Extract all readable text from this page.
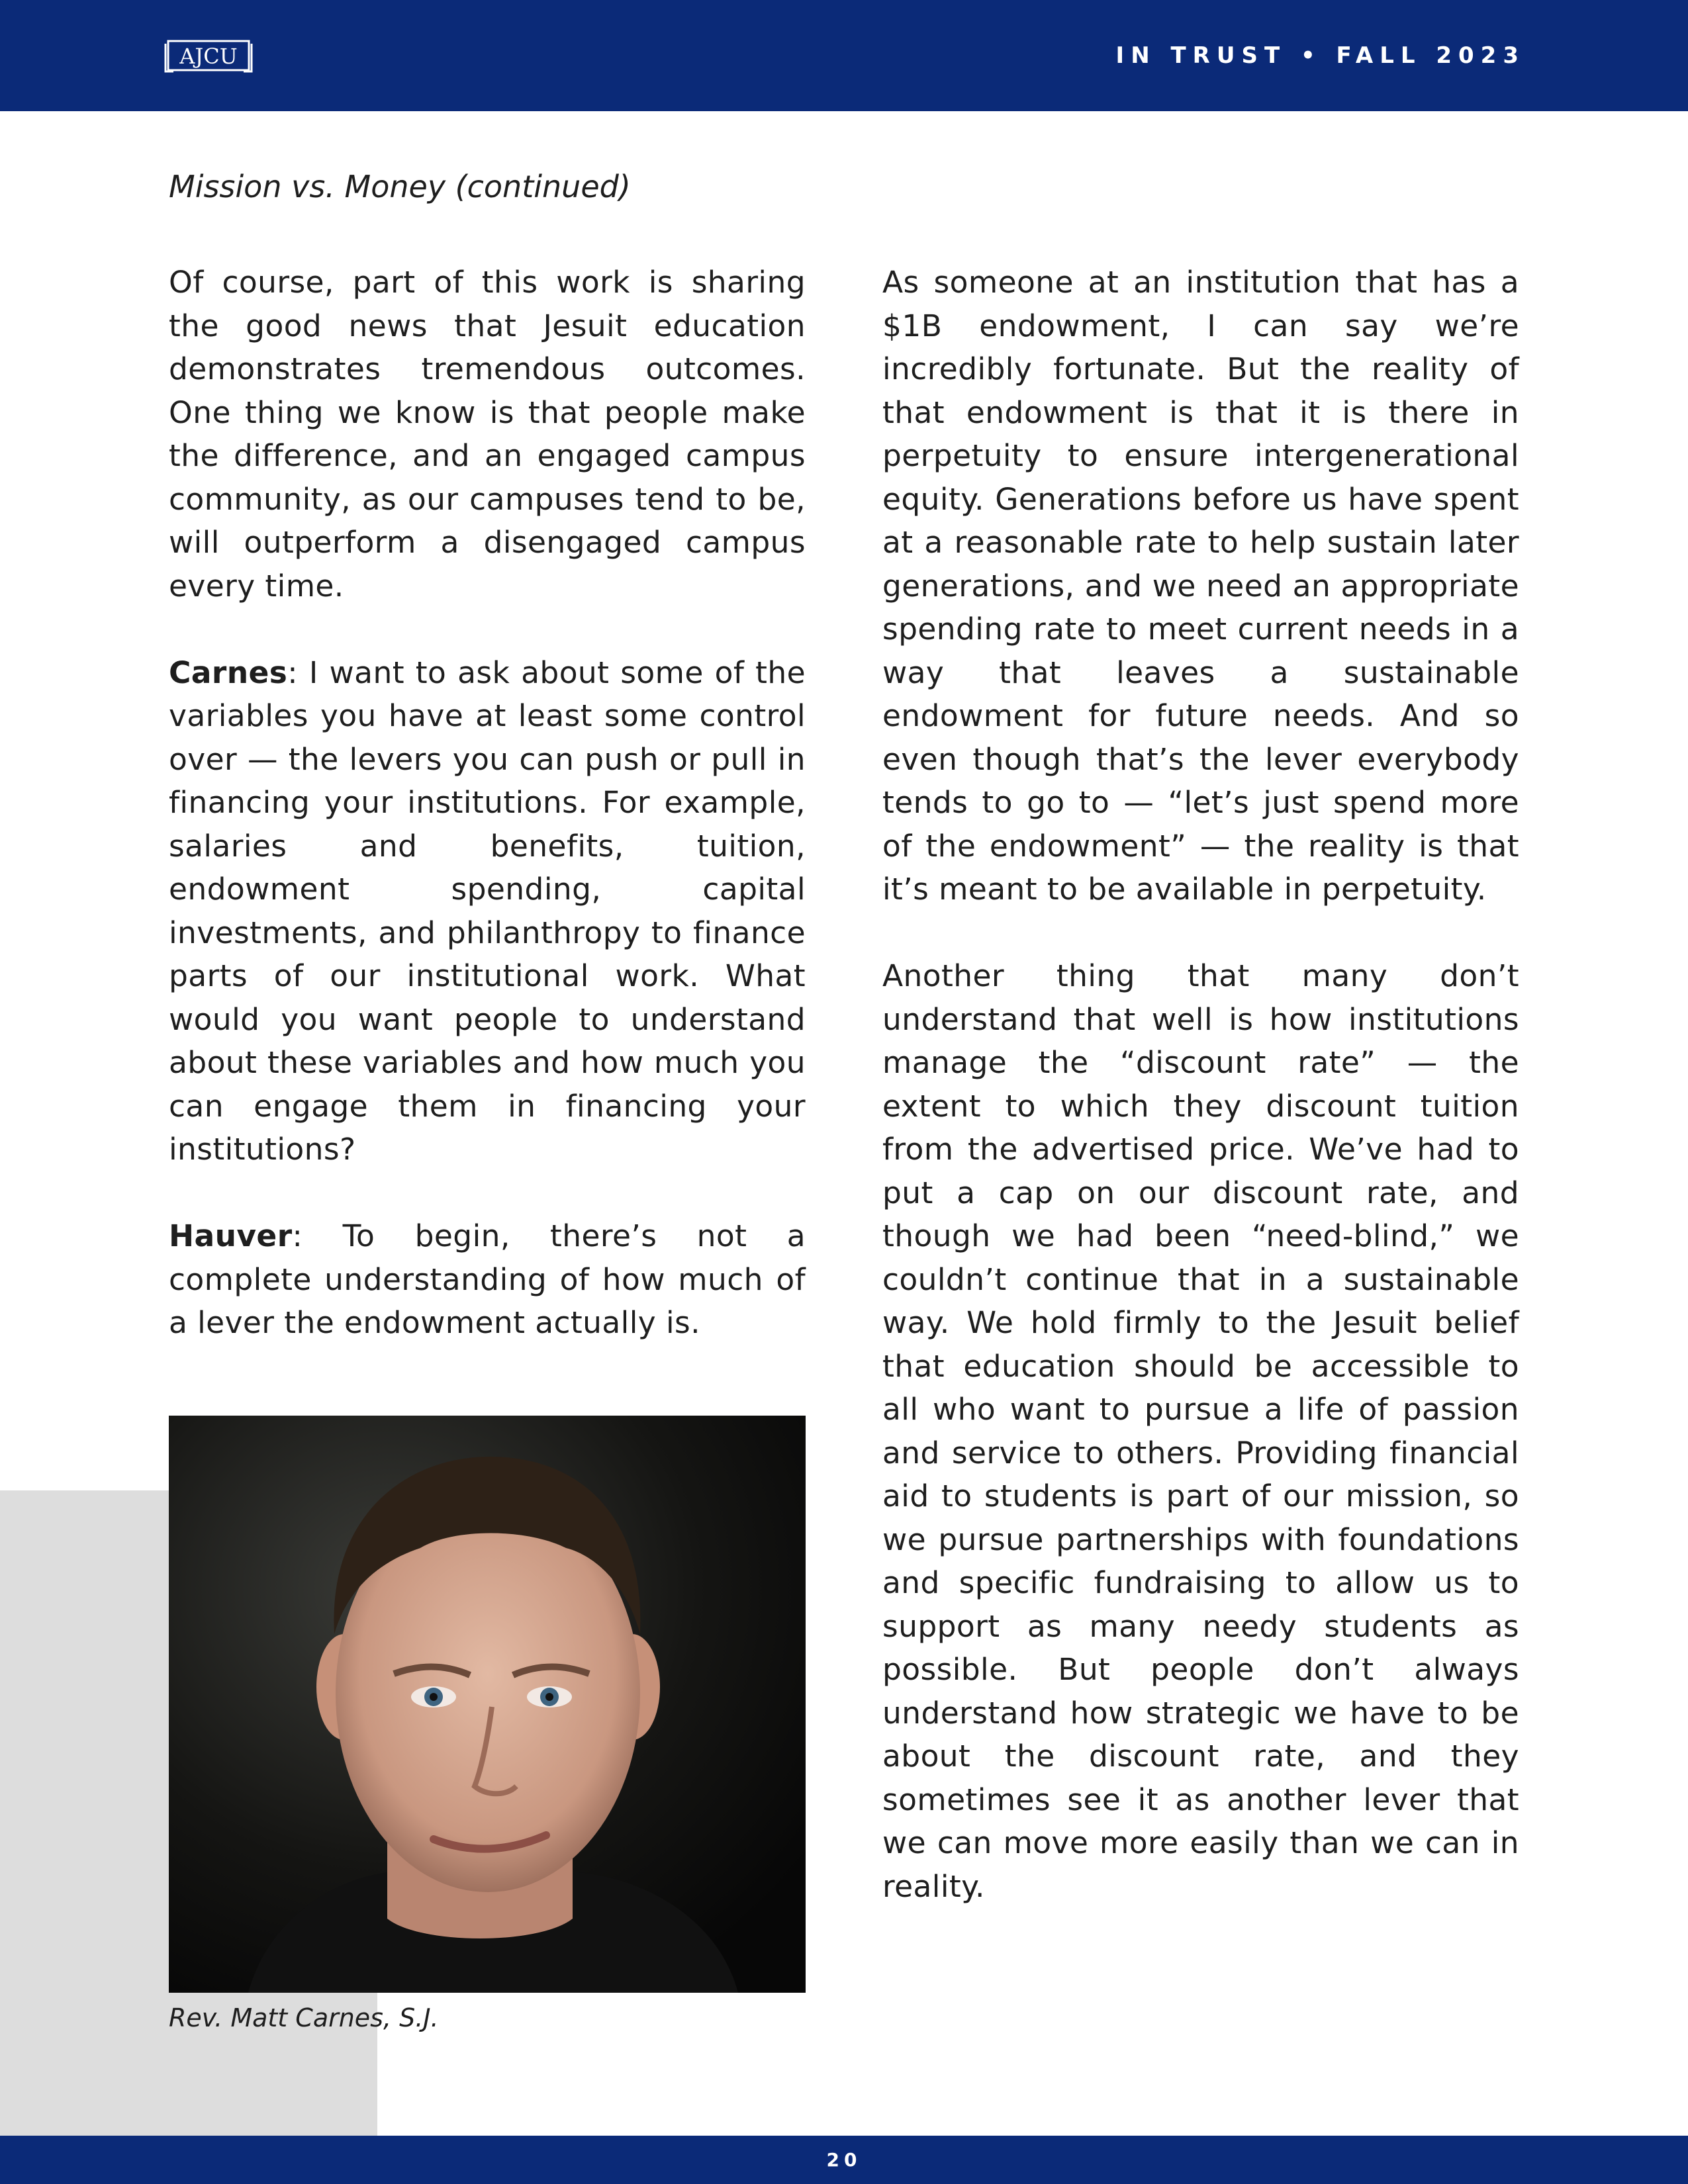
AJCU	IN TRUST • FALL 2023
Mission vs. Money (continued)

Of course, part of this work is sharing the good news that Jesuit education demonstrates tremendous outcomes. One thing we know is that people make the difference, and an engaged campus community, as our campuses tend to be, will outperform a disengaged campus every time.

Carnes: I want to ask about some of the variables you have at least some control over — the levers you can push or pull in financing your institutions. For example, salaries and benefits, tuition, endowment spending, capital investments, and philanthropy to finance parts of our institutional work. What would you want people to understand about these variables and how much you can engage them in financing your institutions?

Hauver: To begin, there’s not a complete understanding of how much of a lever the endowment actually is.

As someone at an institution that has a $1B endowment, I can say we’re incredibly fortunate. But the reality of that endowment is that it is there in perpetuity to ensure intergenerational equity. Generations before us have spent at a reasonable rate to help sustain later generations, and we need an appropriate spending rate to meet current needs in a way that leaves a sustainable endowment for future needs. And so even though that’s the lever everybody tends to go to — “let’s just spend more of the endowment” — the reality is that it’s meant to be available in perpetuity.

Another thing that many don’t understand that well is how institutions manage the “discount rate” — the extent to which they discount tuition from the advertised price. We’ve had to put a cap on our discount rate, and though we had been “need-blind,” we couldn’t continue that in a sustainable way. We hold firmly to the Jesuit belief that education should be accessible to all who want to pursue a life of passion and service to others. Providing financial aid to students is part of our mission, so we pursue partnerships with foundations and specific fundraising to allow us to support as many needy students as possible. But people don’t always understand how strategic we have to be about the discount rate, and they sometimes see it as another lever that we can move more easily than we can in reality.

Rev. Matt Carnes, S.J.
20
